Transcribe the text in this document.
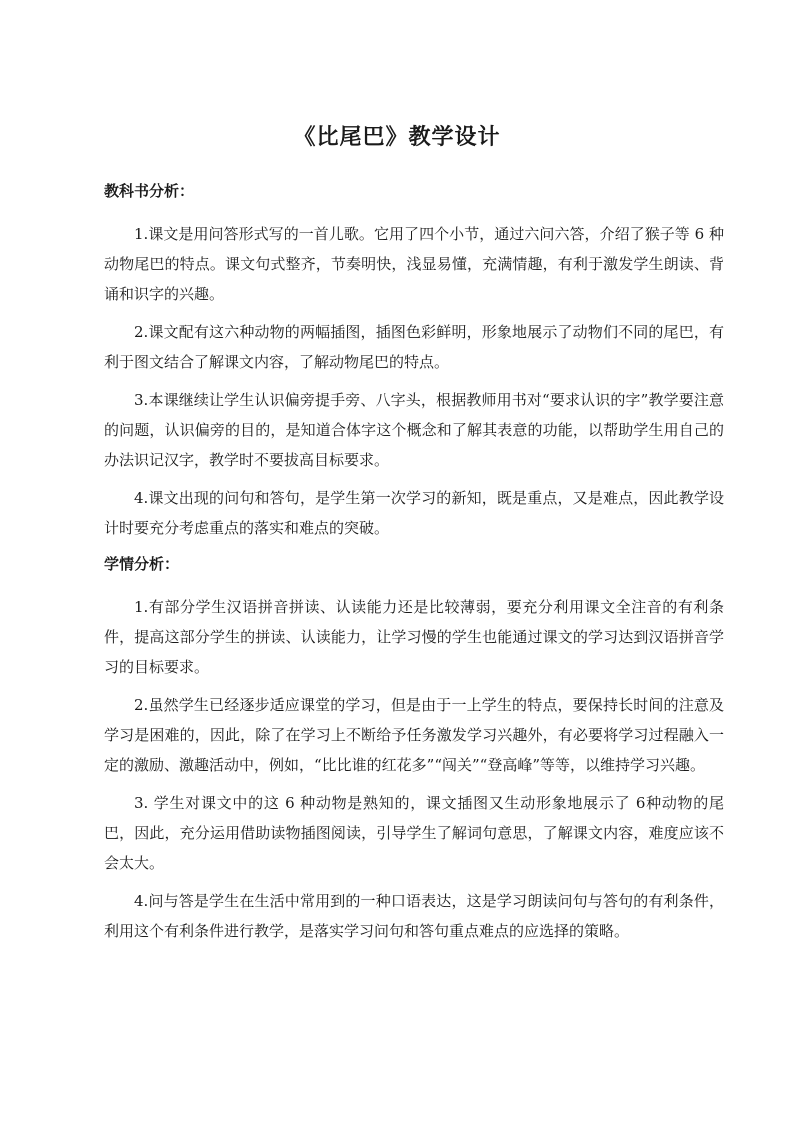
《比尾巴》教学设计
教科书分析：

1.课文是用问答形式写的一首儿歌。它用了四个小节，通过六问六答，介绍了猴子等 6 种动物尾巴的特点。课文句式整齐，节奏明快，浅显易懂，充满情趣，有利于激发学生朗读、背诵和识字的兴趣。

2.课文配有这六种动物的两幅插图，插图色彩鲜明，形象地展示了动物们不同的尾巴，有利于图文结合了解课文内容，了解动物尾巴的特点。

3.本课继续让学生认识偏旁提手旁、八字头，根据教师用书对“要求认识的字”教学要注意的问题，认识偏旁的目的，是知道合体字这个概念和了解其表意的功能，以帮助学生用自己的办法识记汉字，教学时不要拔高目标要求。

4.课文出现的问句和答句，是学生第一次学习的新知，既是重点，又是难点，因此教学设计时要充分考虑重点的落实和难点的突破。

学情分析：

1.有部分学生汉语拼音拼读、认读能力还是比较薄弱，要充分利用课文全注音的有利条件，提高这部分学生的拼读、认读能力，让学习慢的学生也能通过课文的学习达到汉语拼音学习的目标要求。

2.虽然学生已经逐步适应课堂的学习，但是由于一上学生的特点，要保持长时间的注意及学习是困难的，因此，除了在学习上不断给予任务激发学习兴趣外，有必要将学习过程融入一定的激励、激趣活动中，例如，“比比谁的红花多”“闯关”“登高峰”等等，以维持学习兴趣。

3. 学生对课文中的这 6 种动物是熟知的，课文插图又生动形象地展示了 6种动物的尾巴，因此，充分运用借助读物插图阅读，引导学生了解词句意思，了解课文内容，难度应该不会太大。

4.问与答是学生在生活中常用到的一种口语表达，这是学习朗读问句与答句的有利条件，利用这个有利条件进行教学，是落实学习问句和答句重点难点的应选择的策略。
